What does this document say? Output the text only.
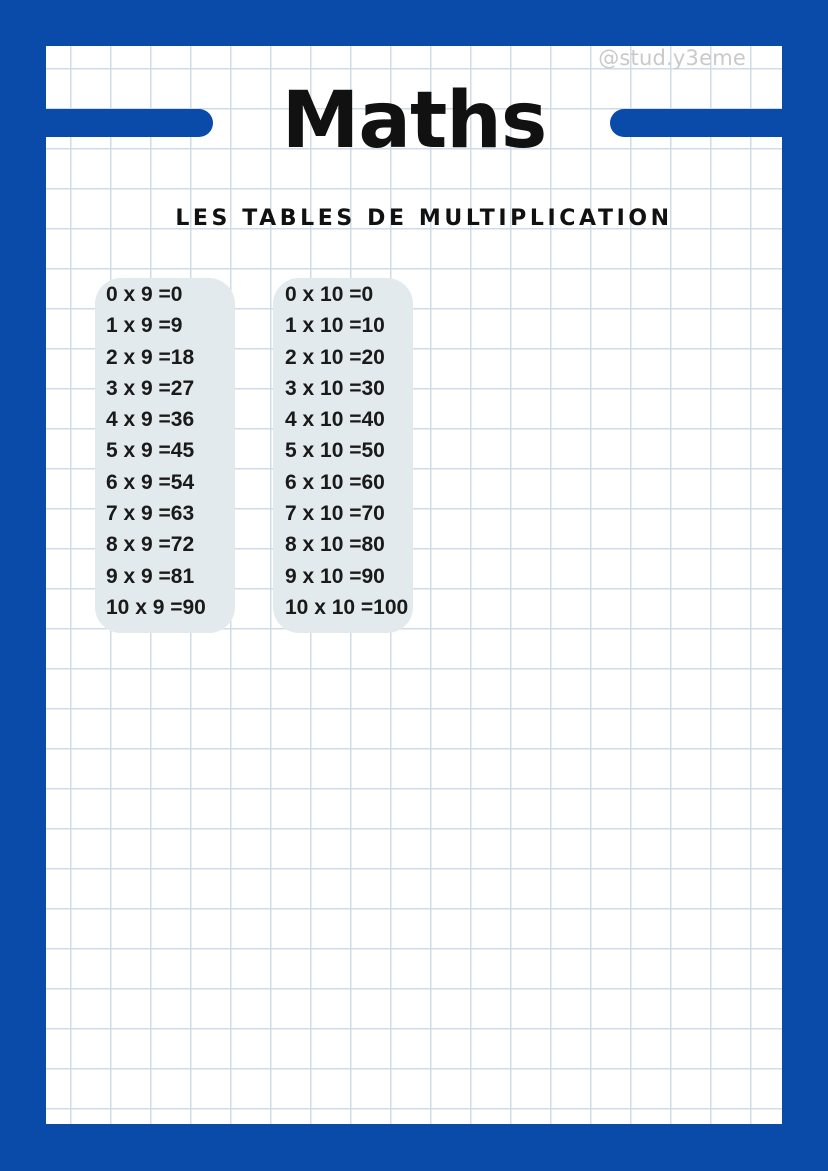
@stud.y3eme
Maths
LES TABLES DE MULTIPLICATION
0 x 9 =0
1 x 9 =9
2 x 9 =18
3 x 9 =27
4 x 9 =36
5 x 9 =45
6 x 9 =54
7 x 9 =63
8 x 9 =72
9 x 9 =81
10 x 9 =90
0 x 10 =0
1 x 10 =10
2 x 10 =20
3 x 10 =30
4 x 10 =40
5 x 10 =50
6 x 10 =60
7 x 10 =70
8 x 10 =80
9 x 10 =90
10 x 10 =100
